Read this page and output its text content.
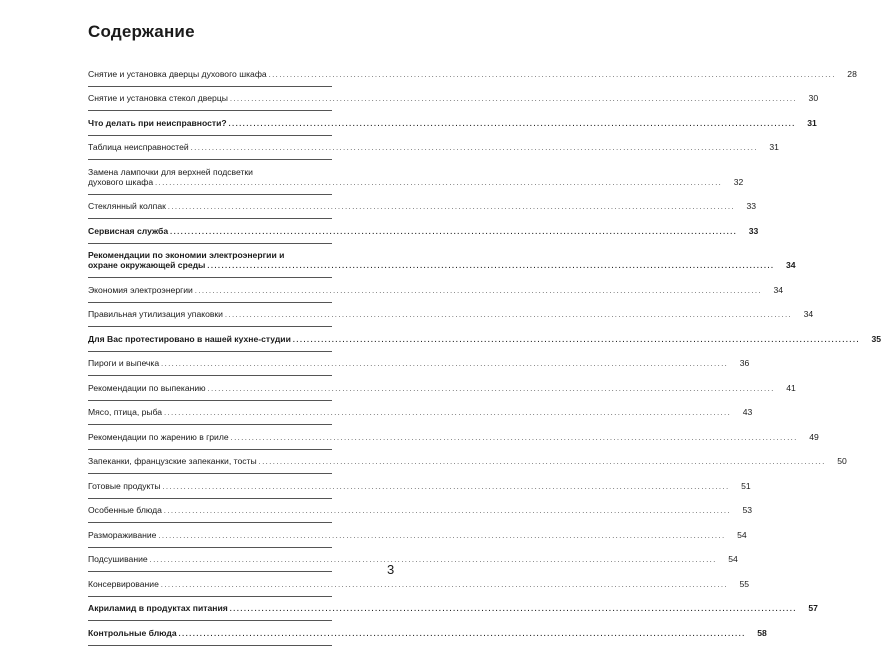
Содержание
Снятие и установка дверцы духового шкафа ................................................................................................................................................................	28
Снятие и установка стекол дверцы ................................................................................................................................................................	30
Что делать при неисправности? ................................................................................................................................................................	31
Таблица неисправностей ................................................................................................................................................................	31
Замена лампочки для верхней подсветки
духового шкафа ................................................................................................................................................................	32
Стеклянный колпак ................................................................................................................................................................	33
Сервисная служба ................................................................................................................................................................	33
Рекомендации по экономии электроэнергии и
охране окружающей среды ................................................................................................................................................................	34
Экономия электроэнергии ................................................................................................................................................................	34
Правильная утилизация упаковки ................................................................................................................................................................	34
Для Вас протестировано в нашей кухне-студии ................................................................................................................................................................	35
Пироги и выпечка ................................................................................................................................................................	36
Рекомендации по выпеканию ................................................................................................................................................................	41
Мясо, птица, рыба ................................................................................................................................................................	43
Рекомендации по жарению в гриле ................................................................................................................................................................	49
Запеканки, французские запеканки, тосты ................................................................................................................................................................	50
Готовые продукты ................................................................................................................................................................	51
Особенные блюда ................................................................................................................................................................	53
Размораживание ................................................................................................................................................................	54
Подсушивание ................................................................................................................................................................	54
Консервирование ................................................................................................................................................................	55
Акриламид в продуктах питания ................................................................................................................................................................	57
Контрольные блюда ................................................................................................................................................................	58
3
